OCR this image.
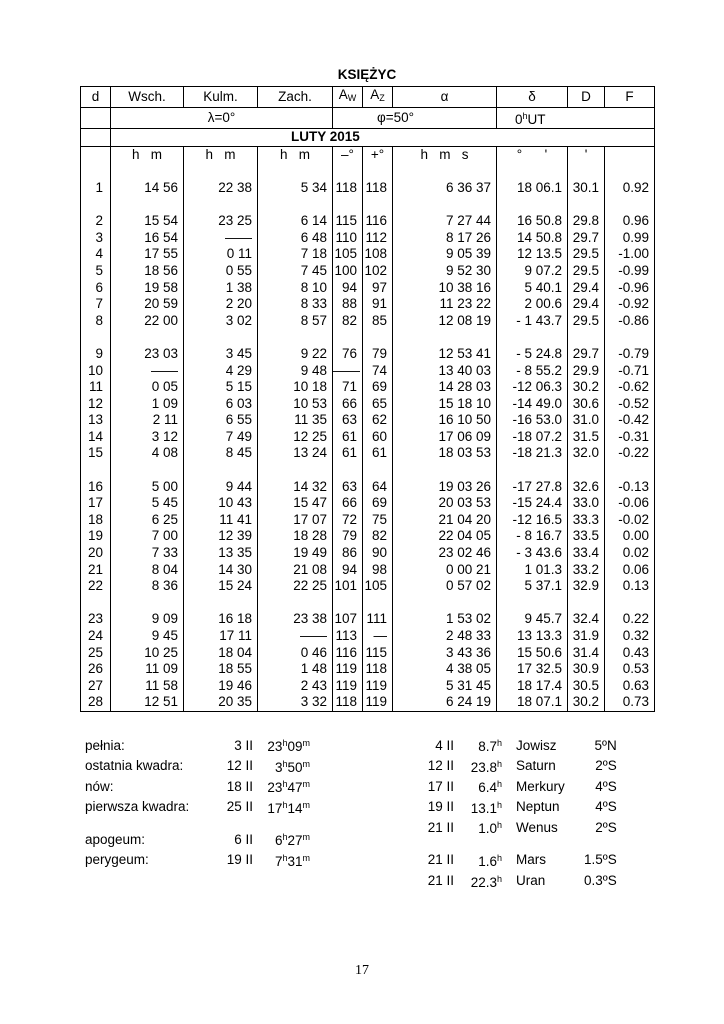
KSIĘŻYC
d	Wsch.	Kulm.	Zach.	$A_W$	$A_Z$	α	δ	D	F
	λ=0°			φ=50°			0$^h$UT		
	LUTY 2015								
	h   m	h   m	h   m	–°	+°	h   m   s	°      '	'	

1	14 56	22 38	5 34	118	118	6 36 37	18 06.1	30.1	0.92

2	15 54	23 25	6 14	115	116	7 27 44	16 50.8	29.8	0.96
3	16 54	——	6 48	110	112	8 17 26	14 50.8	29.7	0.99
4	17 55	0 11	7 18	105	108	9 05 39	12 13.5	29.5	-1.00
5	18 56	0 55	7 45	100	102	9 52 30	9 07.2	29.5	-0.99
6	19 58	1 38	8 10	94	97	10 38 16	5 40.1	29.4	-0.96
7	20 59	2 20	8 33	88	91	11 23 22	2 00.6	29.4	-0.92
8	22 00	3 02	8 57	82	85	12 08 19	- 1 43.7	29.5	-0.86

9	23 03	3 45	9 22	76	79	12 53 41	- 5 24.8	29.7	-0.79
10	——	4 29	9 48	——	74	13 40 03	- 8 55.2	29.9	-0.71
11	0 05	5 15	10 18	71	69	14 28 03	-12 06.3	30.2	-0.62
12	1 09	6 03	10 53	66	65	15 18 10	-14 49.0	30.6	-0.52
13	2 11	6 55	11 35	63	62	16 10 50	-16 53.0	31.0	-0.42
14	3 12	7 49	12 25	61	60	17 06 09	-18 07.2	31.5	-0.31
15	4 08	8 45	13 24	61	61	18 03 53	-18 21.3	32.0	-0.22

16	5 00	9 44	14 32	63	64	19 03 26	-17 27.8	32.6	-0.13
17	5 45	10 43	15 47	66	69	20 03 53	-15 24.4	33.0	-0.06
18	6 25	11 41	17 07	72	75	21 04 20	-12 16.5	33.3	-0.02
19	7 00	12 39	18 28	79	82	22 04 05	- 8 16.7	33.5	0.00
20	7 33	13 35	19 49	86	90	23 02 46	- 3 43.6	33.4	0.02
21	8 04	14 30	21 08	94	98	0 00 21	1 01.3	33.2	0.06
22	8 36	15 24	22 25	101	105	0 57 02	5 37.1	32.9	0.13

23	9 09	16 18	23 38	107	111	1 53 02	9 45.7	32.4	0.22
24	9 45	17 11	——	113	—	2 48 33	13 13.3	31.9	0.32
25	10 25	18 04	0 46	116	115	3 43 36	15 50.6	31.4	0.43
26	11 09	18 55	1 48	119	118	4 38 05	17 32.5	30.9	0.53
27	11 58	19 46	2 43	119	119	5 31 45	18 17.4	30.5	0.63
28	12 51	20 35	3 32	118	119	6 24 19	18 07.1	30.2	0.73
pełnia:	3 II	23$^h$09$^m$
ostatnia kwadra:	12 II	3$^h$50$^m$
nów:	18 II	23$^h$47$^m$
pierwsza kwadra:	25 II	17$^h$14$^m$

apogeum:	6 II	6$^h$27$^m$
perygeum:	19 II	7$^h$31$^m$
4 II	8.7$^h$		Jowisz	5ºN
12 II	23.8$^h$		Saturn	2ºS
17 II	6.4$^h$		Merkury	4ºS
19 II	13.1$^h$		Neptun	4ºS
21 II	1.0$^h$		Wenus	2ºS

21 II	1.6$^h$		Mars	1.5ºS
21 II	22.3$^h$		Uran	0.3ºS
17
